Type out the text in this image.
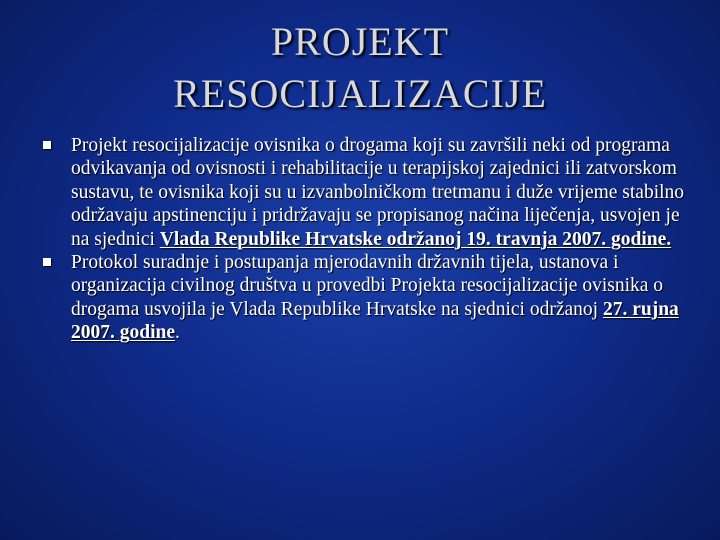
PROJEKT
RESOCIJALIZACIJE
Projekt resocijalizacije ovisnika o drogama koji su završili neki od programa odvikavanja od ovisnosti i rehabilitacije u terapijskoj zajednici ili zatvorskom sustavu, te ovisnika koji su u izvanbolničkom tretmanu i duže vrijeme stabilno održavaju apstinenciju i pridržavaju se propisanog načina liječenja, usvojen je na sjednici Vlada Republike Hrvatske održanoj 19. travnja 2007. godine.
Protokol suradnje i postupanja mjerodavnih državnih tijela, ustanova i organizacija civilnog društva u provedbi Projekta resocijalizacije ovisnika o drogama usvojila je Vlada Republike Hrvatske na sjednici održanoj 27. rujna 2007. godine.
